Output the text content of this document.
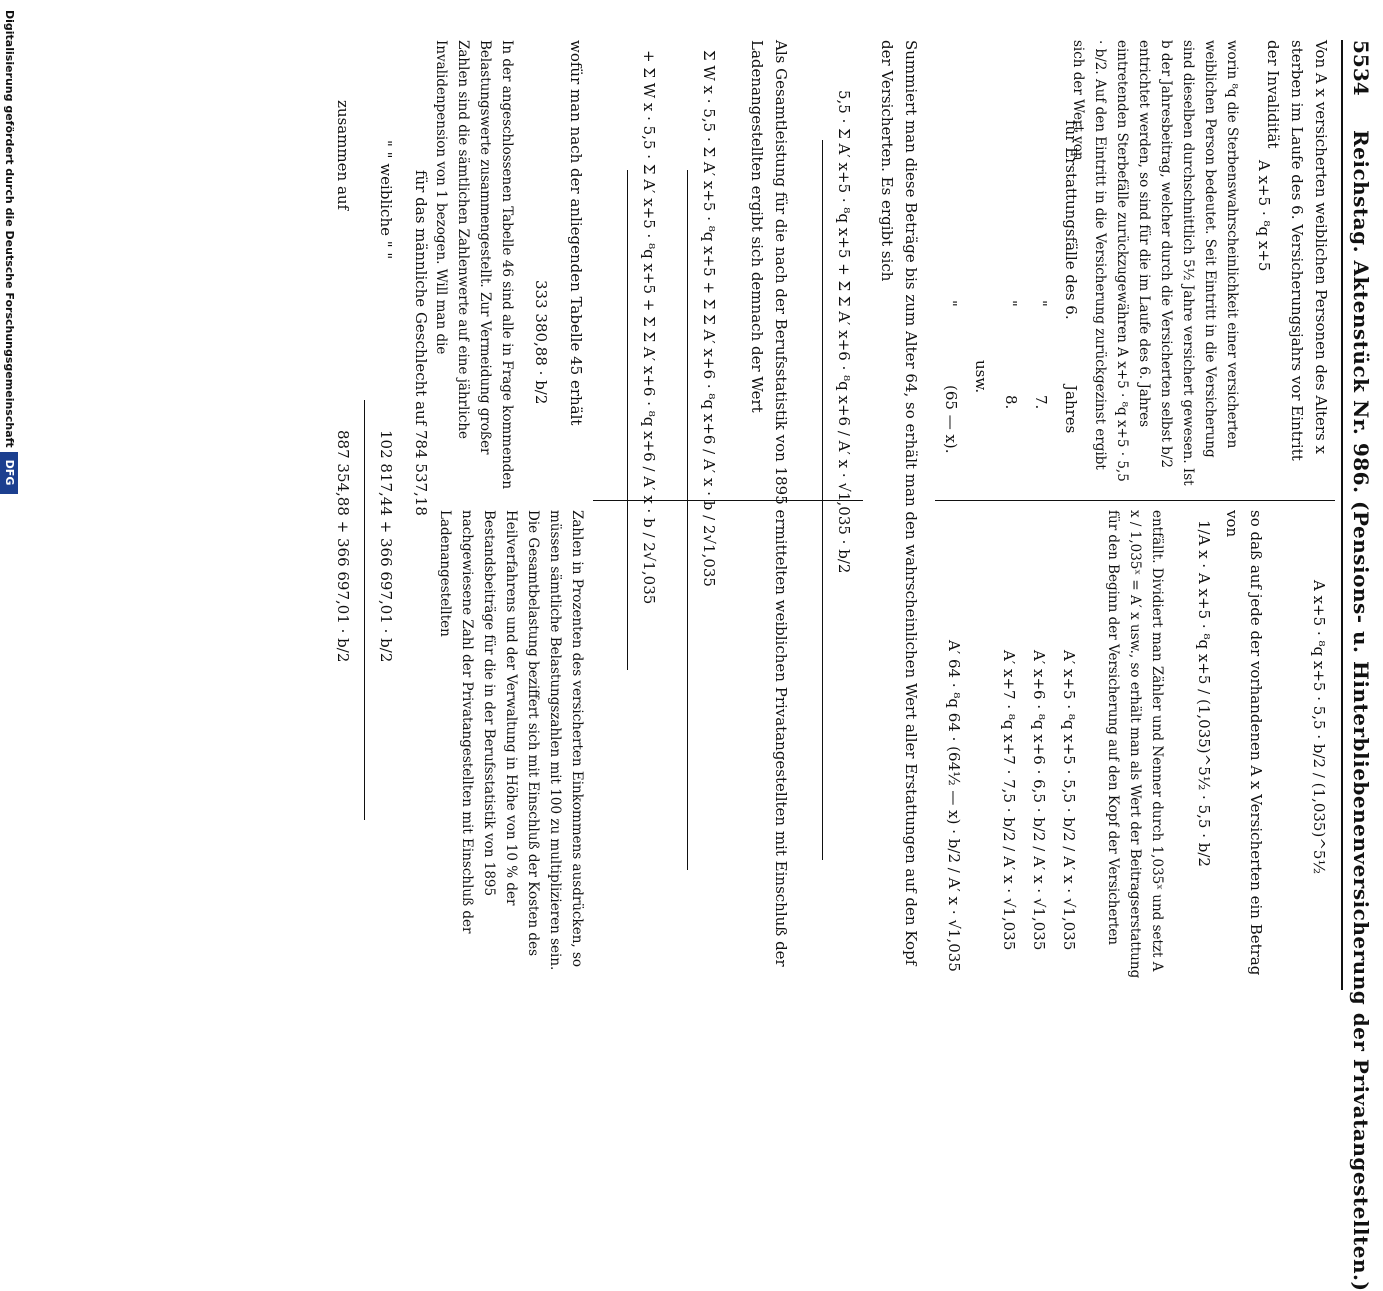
5534
Reichstag. Aktenstück Nr. 986. (Pensions- u. Hinterbliebenenversicherung der Privatangestellten.)
Von A x versicherten weiblichen Personen des Alters x sterben im Laufe des 6. Versicherungsjahrs vor Eintritt der Invalidität
A x+5 · ⁸q x+5
worin ⁸q die Sterbenswahrscheinlichkeit einer versicherten weiblichen Person bedeutet. Seit Eintritt in die Versicherung sind dieselben durchschnittlich 5½ Jahre versichert gewesen. Ist b der Jahresbeitrag, welcher durch die Versicherten selbst b/2 entrichtet werden, so sind für die im Laufe des 6. Jahres eintretenden Sterbefälle zurückzugewähren A x+5 · ⁸q x+5 · 5,5 · b/2. Auf den Eintritt in die Versicherung zurückgezinst ergibt sich der Wert von
für Erstattungsfälle des 6.
Jahres
"
7.
"
8.
usw.
"
(65 — x).
A x+5 · ⁸q x+5 · 5,5 · b/2 / (1,035)^5½
so daß auf jede der vorhandenen A x Versicherten ein Betrag von
1/A x · A x+5 · ⁸q x+5 / (1,035)^5½ · 5,5 · b/2
entfällt. Dividiert man Zähler und Nenner durch 1,035ˣ und setzt A x / 1,035ˣ = A′ x usw., so erhält man als Wert der Beitragserstattung für den Beginn der Versicherung auf den Kopf der Versicherten
A′ x+5 · ⁸q x+5 · 5,5 · b/2 / A′ x · √1,035
A′ x+6 · ⁸q x+6 · 6,5 · b/2 / A′ x · √1,035
A′ x+7 · ⁸q x+7 · 7,5 · b/2 / A′ x · √1,035
A′ 64 · ⁸q 64 · (64½ — x) · b/2 / A′ x · √1,035
Summiert man diese Beträge bis zum Alter 64, so erhält man den wahrscheinlichen Wert aller Erstattungen auf den Kopf der Versicherten. Es ergibt sich
5,5 · Σ A′ x+5 · ⁸q x+5 + Σ Σ A′ x+6 · ⁸q x+6 / A′ x · √1,035 · b/2
Als Gesamtleistung für die nach der Berufsstatistik von 1895 ermittelten weiblichen Privatangestellten mit Einschluß der Ladenangestellten ergibt sich demnach der Wert
Σ W x · 5,5 · Σ A′ x+5 · ⁸q x+5 + Σ Σ A′ x+6 · ⁸q x+6 / A′ x · b / 2√1,035
+ Σ W x · 5,5 · Σ A′ x+5 · ⁸q x+5 + Σ Σ A′ x+6 · ⁸q x+6 / A′ x · b / 2√1,035
wofür man nach der anliegenden Tabelle 45 erhält
333 380,88 · b/2
In der angeschlossenen Tabelle 46 sind alle in Frage kommenden Belastungswerte zusammengestellt. Zur Vermeidung großer Zahlen sind die sämtlichen Zahlenwerte auf eine jährliche Invalidenpension von 1 bezogen. Will man die
Zahlen in Prozenten des versicherten Einkommens ausdrücken, so müssen sämtliche Belastungszahlen mit 100 zu multiplizieren sein. Die Gesamtbelastung beziffert sich mit Einschluß der Kosten des Heilverfahrens und der Verwaltung in Höhe von 10 % der Bestandsbeiträge für die in der Berufsstatistik von 1895 nachgewiesene Zahl der Privatangestellten mit Einschluß der Ladenangestellten
für das männliche Geschlecht auf
784 537,18
" " weibliche " "
102 817,44 + 366 697,01 · b/2
zusammen auf
887 354,88 + 366 697,01 · b/2
Digitalisierung gefördert durch die Deutsche Forschungsgemeinschaft DFG
